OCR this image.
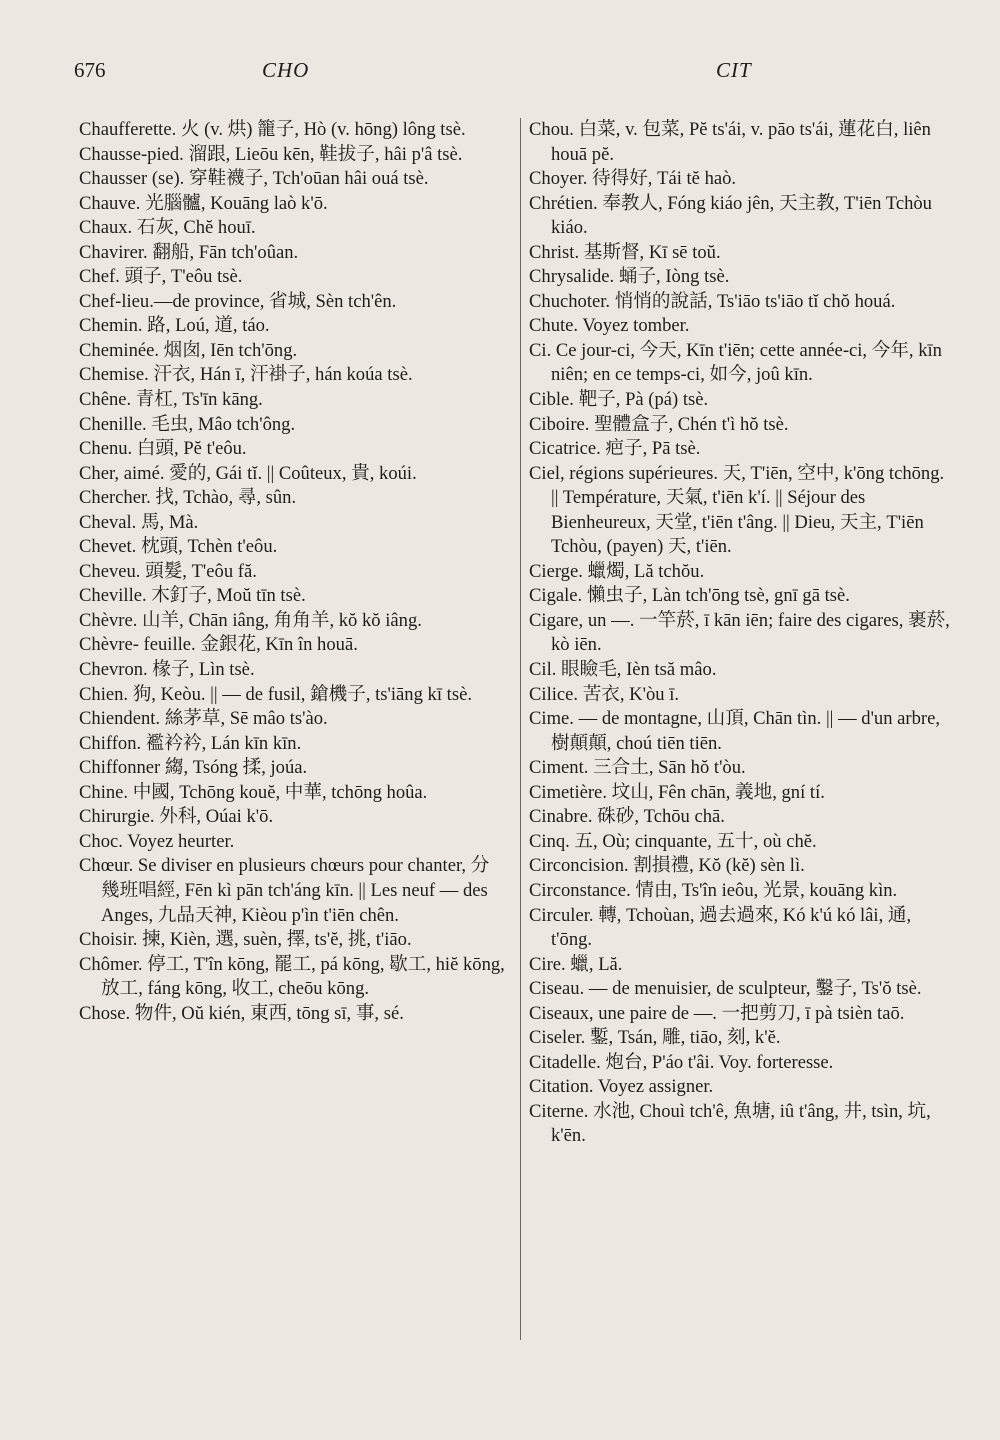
676	CHO	CIT

Chaufferette. 火 (v. 烘) 籠子, Hò (v. hōng) lông tsè.

Chausse-pied. 溜跟, Lieōu kēn, 鞋拔子, hâi p'â tsè.

Chausser (se). 穿鞋襪子, Tch'oūan hâi ouá tsè.

Chauve. 光腦髗, Kouāng laò k'ō.

Chaux. 石灰, Chĕ houī.

Chavirer. 翻船, Fān tch'oûan.

Chef. 頭子, T'eôu tsè.

Chef-lieu.—de province, 省城, Sèn tch'ên.

Chemin. 路, Loú, 道, táo.

Cheminée. 烟囱, Iēn tch'ōng.

Chemise. 汗衣, Hán ī, 汗褂子, hán koúa tsè.

Chêne. 青杠, Ts'īn kāng.

Chenille. 毛虫, Mâo tch'ông.

Chenu. 白頭, Pĕ t'eôu.

Cher, aimé. 愛的, Gái tĭ. || Coûteux, 貴, koúi.

Chercher. 找, Tchào, 尋, sûn.

Cheval. 馬, Mà.

Chevet. 枕頭, Tchèn t'eôu.

Cheveu. 頭髮, T'eôu fă.

Cheville. 木釘子, Moŭ tīn tsè.

Chèvre. 山羊, Chān iâng, 角角羊, kŏ kŏ iâng.

Chèvre- feuille. 金銀花, Kīn în houā.

Chevron. 椽子, Lìn tsè.

Chien. 狗, Keòu. || — de fusil, 鎗機子, ts'iāng kī tsè.

Chiendent. 絲茅草, Sē mâo ts'ào.

Chiffon. 襤衿衿, Lán kīn kīn.

Chiffonner 縐, Tsóng 揉, joúa.

Chine. 中國, Tchōng kouĕ, 中華, tchōng hoûa.

Chirurgie. 外科, Oúai k'ō.

Choc. Voyez heurter.

Chœur. Se diviser en plusieurs chœurs pour chanter, 分幾班唱經, Fēn kì pān tch'áng kīn. || Les neuf — des Anges, 九品天神, Kièou p'ìn t'iēn chên.

Choisir. 揀, Kièn, 選, suèn, 擇, ts'ĕ, 挑, t'iāo.

Chômer. 停工, T'în kōng, 罷工, pá kōng, 歇工, hiĕ kōng, 放工, fáng kōng, 收工, cheōu kōng.

Chose. 物件, Oŭ kién, 東西, tōng sī, 事, sé.

Chou. 白菜, v. 包菜, Pĕ ts'ái, v. pāo ts'ái, 蓮花白, liên houā pĕ.

Choyer. 待得好, Tái tĕ haò.

Chrétien. 奉教人, Fóng kiáo jên, 天主教, T'iēn Tchòu kiáo.

Christ. 基斯督, Kī sē toŭ.

Chrysalide. 蛹子, Iòng tsè.

Chuchoter. 悄悄的說話, Ts'iāo ts'iāo tĭ chŏ houá.

Chute. Voyez tomber.

Ci. Ce jour-ci, 今天, Kīn t'iēn; cette année-ci, 今年, kīn niên; en ce temps-ci, 如今, joû kīn.

Cible. 靶子, Pà (pá) tsè.

Ciboire. 聖體盒子, Chén t'ì hŏ tsè.

Cicatrice. 疤子, Pā tsè.

Ciel, régions supérieures. 天, T'iēn, 空中, k'ōng tchōng. || Température, 天氣, t'iēn k'í. || Séjour des Bienheureux, 天堂, t'iēn t'âng. || Dieu, 天主, T'iēn Tchòu, (payen) 天, t'iēn.

Cierge. 蠟燭, Lă tchŏu.

Cigale. 懶虫子, Làn tch'ōng tsè, gnī gā tsè.

Cigare, un —. 一竿菸, ī kān iēn; faire des cigares, 裹菸, kò iēn.

Cil. 眼瞼毛, Ièn tsă mâo.

Cilice. 苦衣, K'òu ī.

Cime. — de montagne, 山頂, Chān tìn. || — d'un arbre, 樹顛顛, choú tiēn tiēn.

Ciment. 三合土, Sān hŏ t'òu.

Cimetière. 坟山, Fên chān, 義地, gní tí.

Cinabre. 硃砂, Tchōu chā.

Cinq. 五, Où; cinquante, 五十, où chĕ.

Circoncision. 割損禮, Kŏ (kĕ) sèn lì.

Circonstance. 情由, Ts'în ieôu, 光景, kouāng kìn.

Circuler. 轉, Tchoùan, 過去過來, Kó k'ú kó lâi, 通, t'ōng.

Cire. 蠟, Lă.

Ciseau. — de menuisier, de sculpteur, 鑿子, Ts'ŏ tsè.

Ciseaux, une paire de —. 一把剪刀, ī pà tsièn taō.

Ciseler. 鏨, Tsán, 雕, tiāo, 刻, k'ĕ.

Citadelle. 炮台, P'áo t'âi. Voy. forteresse.

Citation. Voyez assigner.

Citerne. 水池, Chouì tch'ê, 魚塘, iû t'âng, 井, tsìn, 坑, k'ēn.
